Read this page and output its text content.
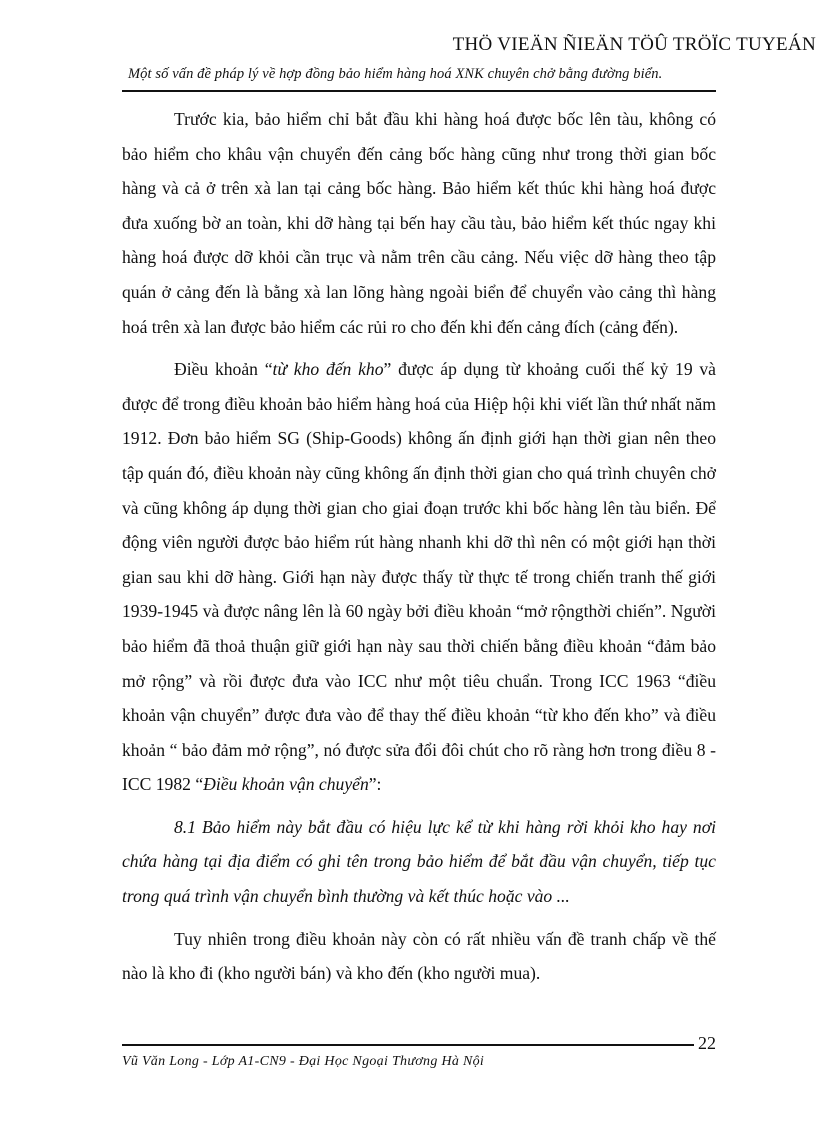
THÖ VIEÄN ÑIEÄN TÖÛ TRÖÏC TUYEÁN
Một số vấn đề pháp lý về hợp đồng bảo hiểm hàng hoá XNK chuyên chở bằng đường biển.

Trước kia, bảo hiểm chỉ bắt đầu khi hàng hoá được bốc lên tàu, không có bảo hiểm cho khâu vận chuyển đến cảng bốc hàng cũng như trong thời gian bốc hàng và cả ở trên xà lan tại cảng bốc hàng. Bảo hiểm kết thúc khi hàng hoá được đưa xuống bờ an toàn, khi dỡ hàng tại bến hay cầu tàu, bảo hiểm kết thúc ngay khi hàng hoá được dỡ khỏi cần trục và nằm trên cầu cảng. Nếu việc dỡ hàng theo tập quán ở cảng đến là bằng xà lan lõng hàng ngoài biển để chuyển vào cảng thì hàng hoá trên xà lan được bảo hiểm các rủi ro cho đến khi đến cảng đích (cảng đến).

Điều khoản “từ kho đến kho” được áp dụng từ khoảng cuối thế kỷ 19 và được để trong điều khoản bảo hiểm hàng hoá của Hiệp hội khi viết lần thứ nhất năm 1912. Đơn bảo hiểm SG (Ship-Goods) không ấn định giới hạn thời gian nên theo tập quán đó, điều khoản này cũng không ấn định thời gian cho quá trình chuyên chở và cũng không áp dụng thời gian cho giai đoạn trước khi bốc hàng lên tàu biển. Để động viên người được bảo hiểm rút hàng nhanh khi dỡ thì nên có một giới hạn thời gian sau khi dỡ hàng. Giới hạn này được thấy từ thực tế trong chiến tranh thế giới 1939-1945 và được nâng lên là 60 ngày bởi điều khoản “mở rộngthời chiến”. Người bảo hiểm đã thoả thuận giữ giới hạn này sau thời chiến bằng điều khoản “đảm bảo mở rộng” và rồi được đưa vào ICC như một tiêu chuẩn. Trong ICC 1963 “điều khoản vận chuyển” được đưa vào để thay thế điều khoản “từ kho đến kho” và điều khoản “ bảo đảm mở rộng”, nó được sửa đổi đôi chút cho rõ ràng hơn trong điều 8 - ICC 1982 “Điều khoản vận chuyển”:

8.1 Bảo hiểm này bắt đầu có hiệu lực kể từ khi hàng rời khỏi kho hay nơi chứa hàng tại địa điểm có ghi tên trong bảo hiểm để bắt đầu vận chuyển, tiếp tục trong quá trình vận chuyển bình thường và kết thúc hoặc vào ...

Tuy nhiên trong điều khoản này còn có rất nhiều vấn đề tranh chấp về thế nào là kho đi (kho người bán) và kho đến (kho người mua).

22
Vũ Văn Long - Lớp A1-CN9 - Đại Học Ngoại Thương Hà Nội
